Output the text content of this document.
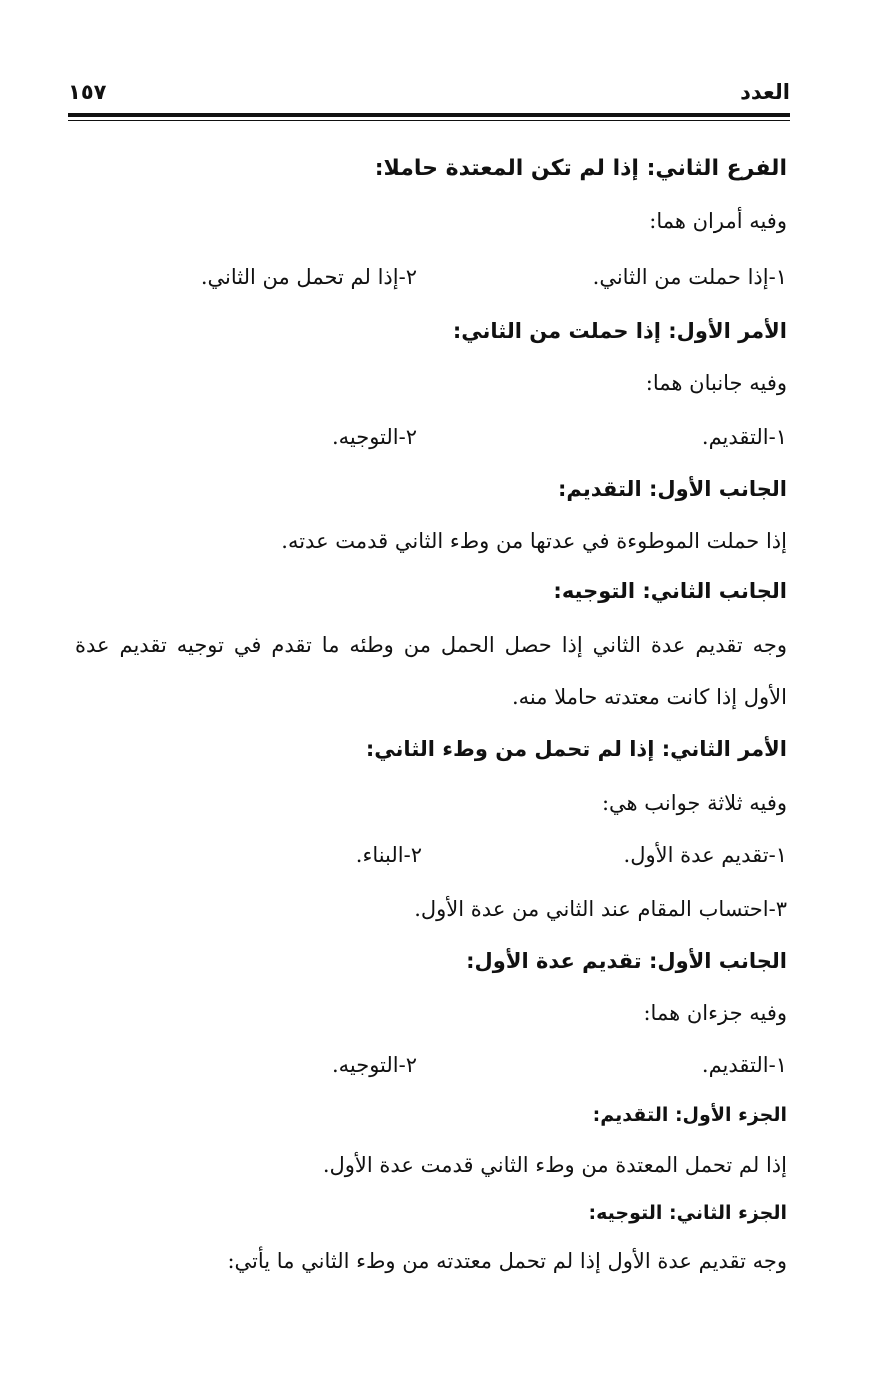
العدد
١٥٧
الفرع الثاني: إذا لم تكن المعتدة حاملا:
وفيه أمران هما:
١-إذا حملت من الثاني.
٢-إذا لم تحمل من الثاني.
الأمر الأول: إذا حملت من الثاني:
وفيه جانبان هما:
١-التقديم.
٢-التوجيه.
الجانب الأول: التقديم:
إذا حملت الموطوءة في عدتها من وطء الثاني قدمت عدته.
الجانب الثاني: التوجيه:
وجه تقديم عدة الثاني إذا حصل الحمل من وطئه ما تقدم في توجيه تقديم عدة
الأول إذا كانت معتدته حاملا منه.
الأمر الثاني: إذا لم تحمل من وطء الثاني:
وفيه ثلاثة جوانب هي:
١-تقديم عدة الأول.
٢-البناء.
٣-احتساب المقام عند الثاني من عدة الأول.
الجانب الأول: تقديم عدة الأول:
وفيه جزءان هما:
١-التقديم.
٢-التوجيه.
الجزء الأول: التقديم:
إذا لم تحمل المعتدة من وطء الثاني قدمت عدة الأول.
الجزء الثاني: التوجيه:
وجه تقديم عدة الأول إذا لم تحمل معتدته من وطء الثاني ما يأتي:
